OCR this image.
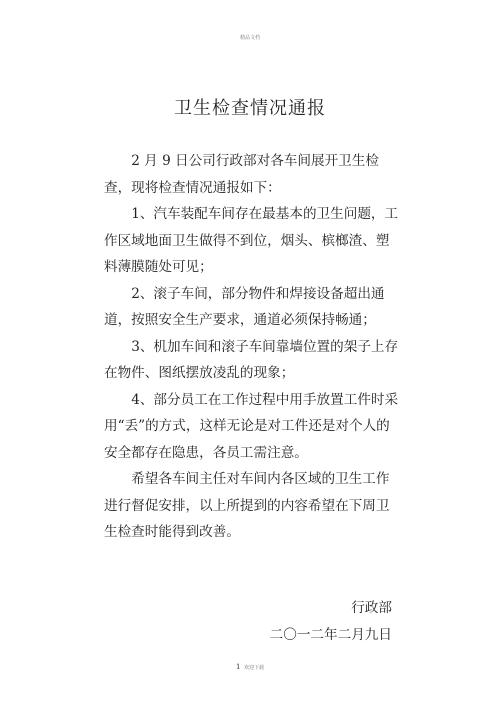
精品文档
卫生检查情况通报

2 月 9 日公司行政部对各车间展开卫生检查，现将检查情况通报如下：

1、汽车装配车间存在最基本的卫生问题，工作区域地面卫生做得不到位，烟头、槟榔渣、塑料薄膜随处可见；

2、滚子车间，部分物件和焊接设备超出通道，按照安全生产要求，通道必须保持畅通；

3、机加车间和滚子车间靠墙位置的架子上存在物件、图纸摆放凌乱的现象；

4、部分员工在工作过程中用手放置工件时采用“丢”的方式，这样无论是对工件还是对个人的安全都存在隐患，各员工需注意。

希望各车间主任对车间内各区域的卫生工作进行督促安排，以上所提到的内容希望在下周卫生检查时能得到改善。

行政部
二〇一二年二月九日
1 欢迎下载
